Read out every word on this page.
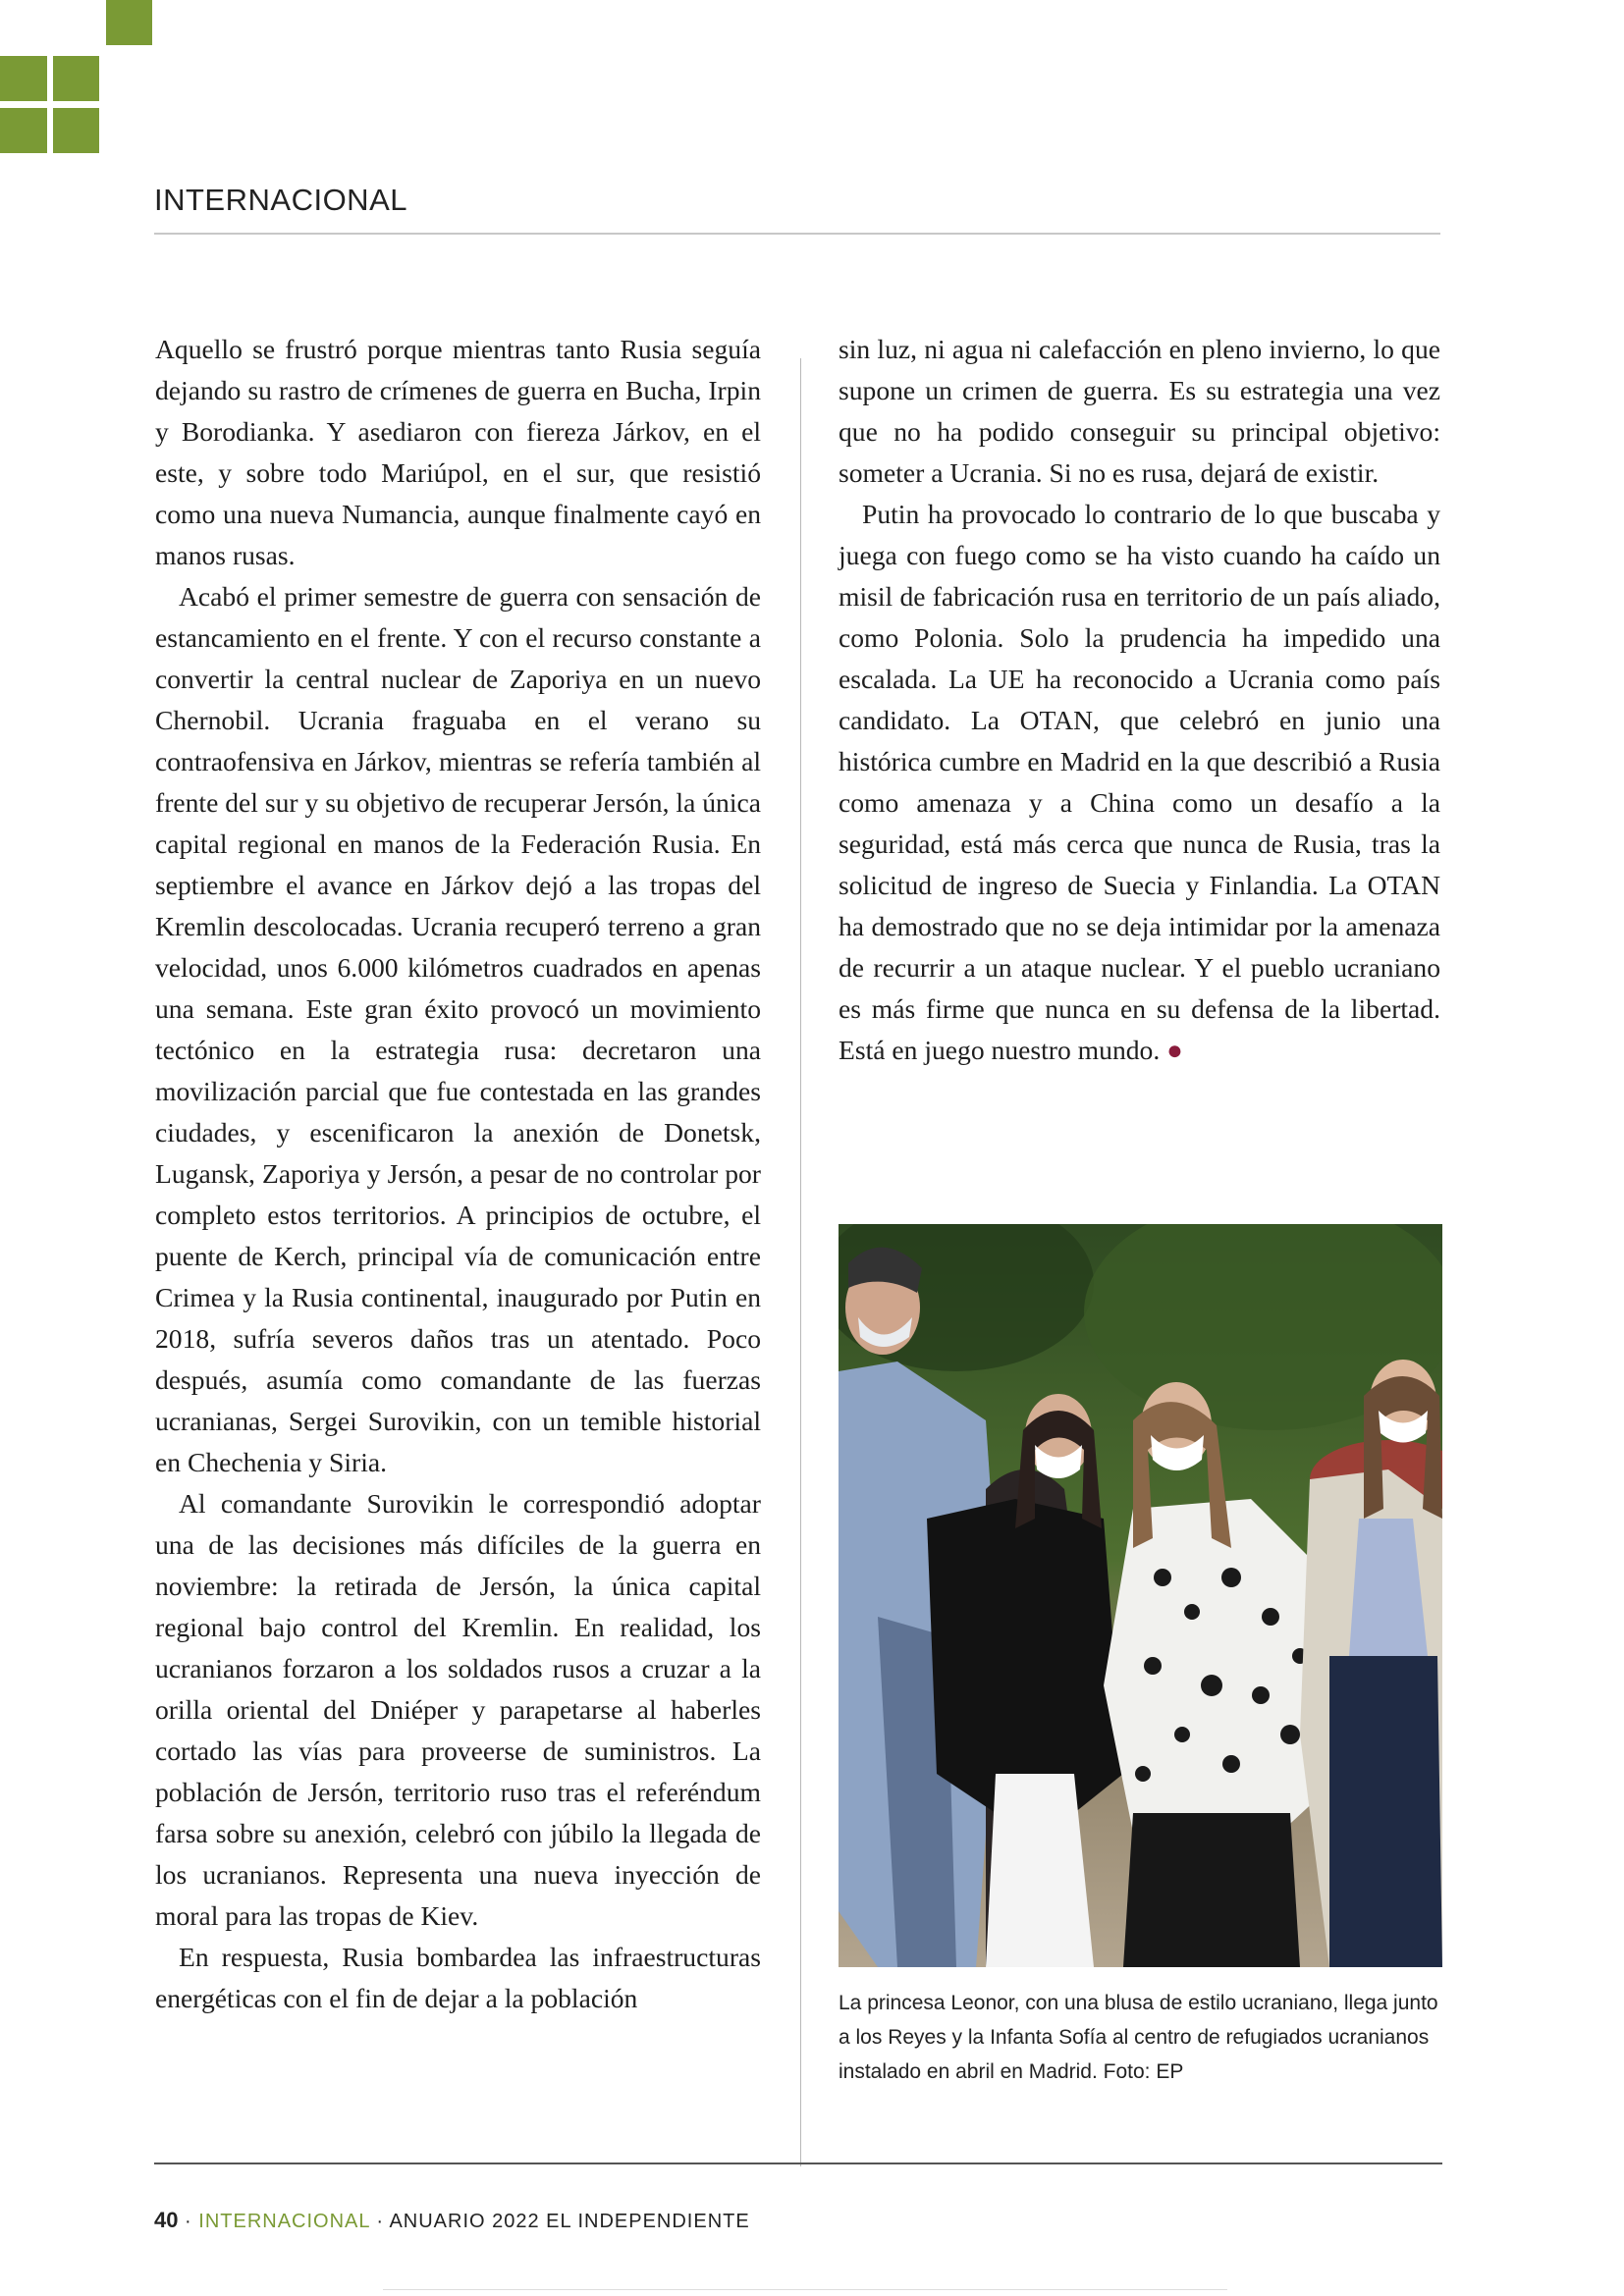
INTERNACIONAL

Aquello se frustró porque mientras tanto Rusia seguía dejando su rastro de crímenes de guerra en Bucha, Irpin y Borodianka. Y asediaron con fiereza Járkov, en el este, y sobre todo Mariúpol, en el sur, que resistió como una nueva Numancia, aunque finalmente cayó en manos rusas.

Acabó el primer semestre de guerra con sensación de estancamiento en el frente. Y con el recurso constante a convertir la central nuclear de Zaporiya en un nuevo Chernobil. Ucrania fraguaba en el verano su contraofensiva en Járkov, mientras se refería también al frente del sur y su objetivo de recuperar Jersón, la única capital regional en manos de la Federación Rusia. En septiembre el avance en Járkov dejó a las tropas del Kremlin descolocadas. Ucrania recuperó terreno a gran velocidad, unos 6.000 kilómetros cuadrados en apenas una semana. Este gran éxito provocó un movimiento tectónico en la estrategia rusa: decretaron una movilización parcial que fue contestada en las grandes ciudades, y escenificaron la anexión de Donetsk, Lugansk, Zaporiya y Jersón, a pesar de no controlar por completo estos territorios. A principios de octubre, el puente de Kerch, principal vía de comunicación entre Crimea y la Rusia continental, inaugurado por Putin en 2018, sufría severos daños tras un atentado. Poco después, asumía como comandante de las fuerzas ucranianas, Sergei Surovikin, con un temible historial en Chechenia y Siria.

Al comandante Surovikin le correspondió adoptar una de las decisiones más difíciles de la guerra en noviembre: la retirada de Jersón, la única capital regional bajo control del Kremlin. En realidad, los ucranianos forzaron a los soldados rusos a cruzar a la orilla oriental del Dniéper y parapetarse al haberles cortado las vías para proveerse de suministros. La población de Jersón, territorio ruso tras el referéndum farsa sobre su anexión, celebró con júbilo la llegada de los ucranianos. Representa una nueva inyección de moral para las tropas de Kiev.

En respuesta, Rusia bombardea las infraestructuras energéticas con el fin de dejar a la población

sin luz, ni agua ni calefacción en pleno invierno, lo que supone un crimen de guerra. Es su estrategia una vez que no ha podido conseguir su principal objetivo: someter a Ucrania. Si no es rusa, dejará de existir.

Putin ha provocado lo contrario de lo que buscaba y juega con fuego como se ha visto cuando ha caído un misil de fabricación rusa en territorio de un país aliado, como Polonia. Solo la prudencia ha impedido una escalada. La UE ha reconocido a Ucrania como país candidato. La OTAN, que celebró en junio una histórica cumbre en Madrid en la que describió a Rusia como amenaza y a China como un desafío a la seguridad, está más cerca que nunca de Rusia, tras la solicitud de ingreso de Suecia y Finlandia. La OTAN ha demostrado que no se deja intimidar por la amenaza de recurrir a un ataque nuclear. Y el pueblo ucraniano es más firme que nunca en su defensa de la libertad. Está en juego nuestro mundo. ●

La princesa Leonor, con una blusa de estilo ucraniano, llega junto a los Reyes y la Infanta Sofía al centro de refugiados ucranianos instalado en abril en Madrid. Foto: EP
40 · INTERNACIONAL · ANUARIO 2022 EL INDEPENDIENTE
